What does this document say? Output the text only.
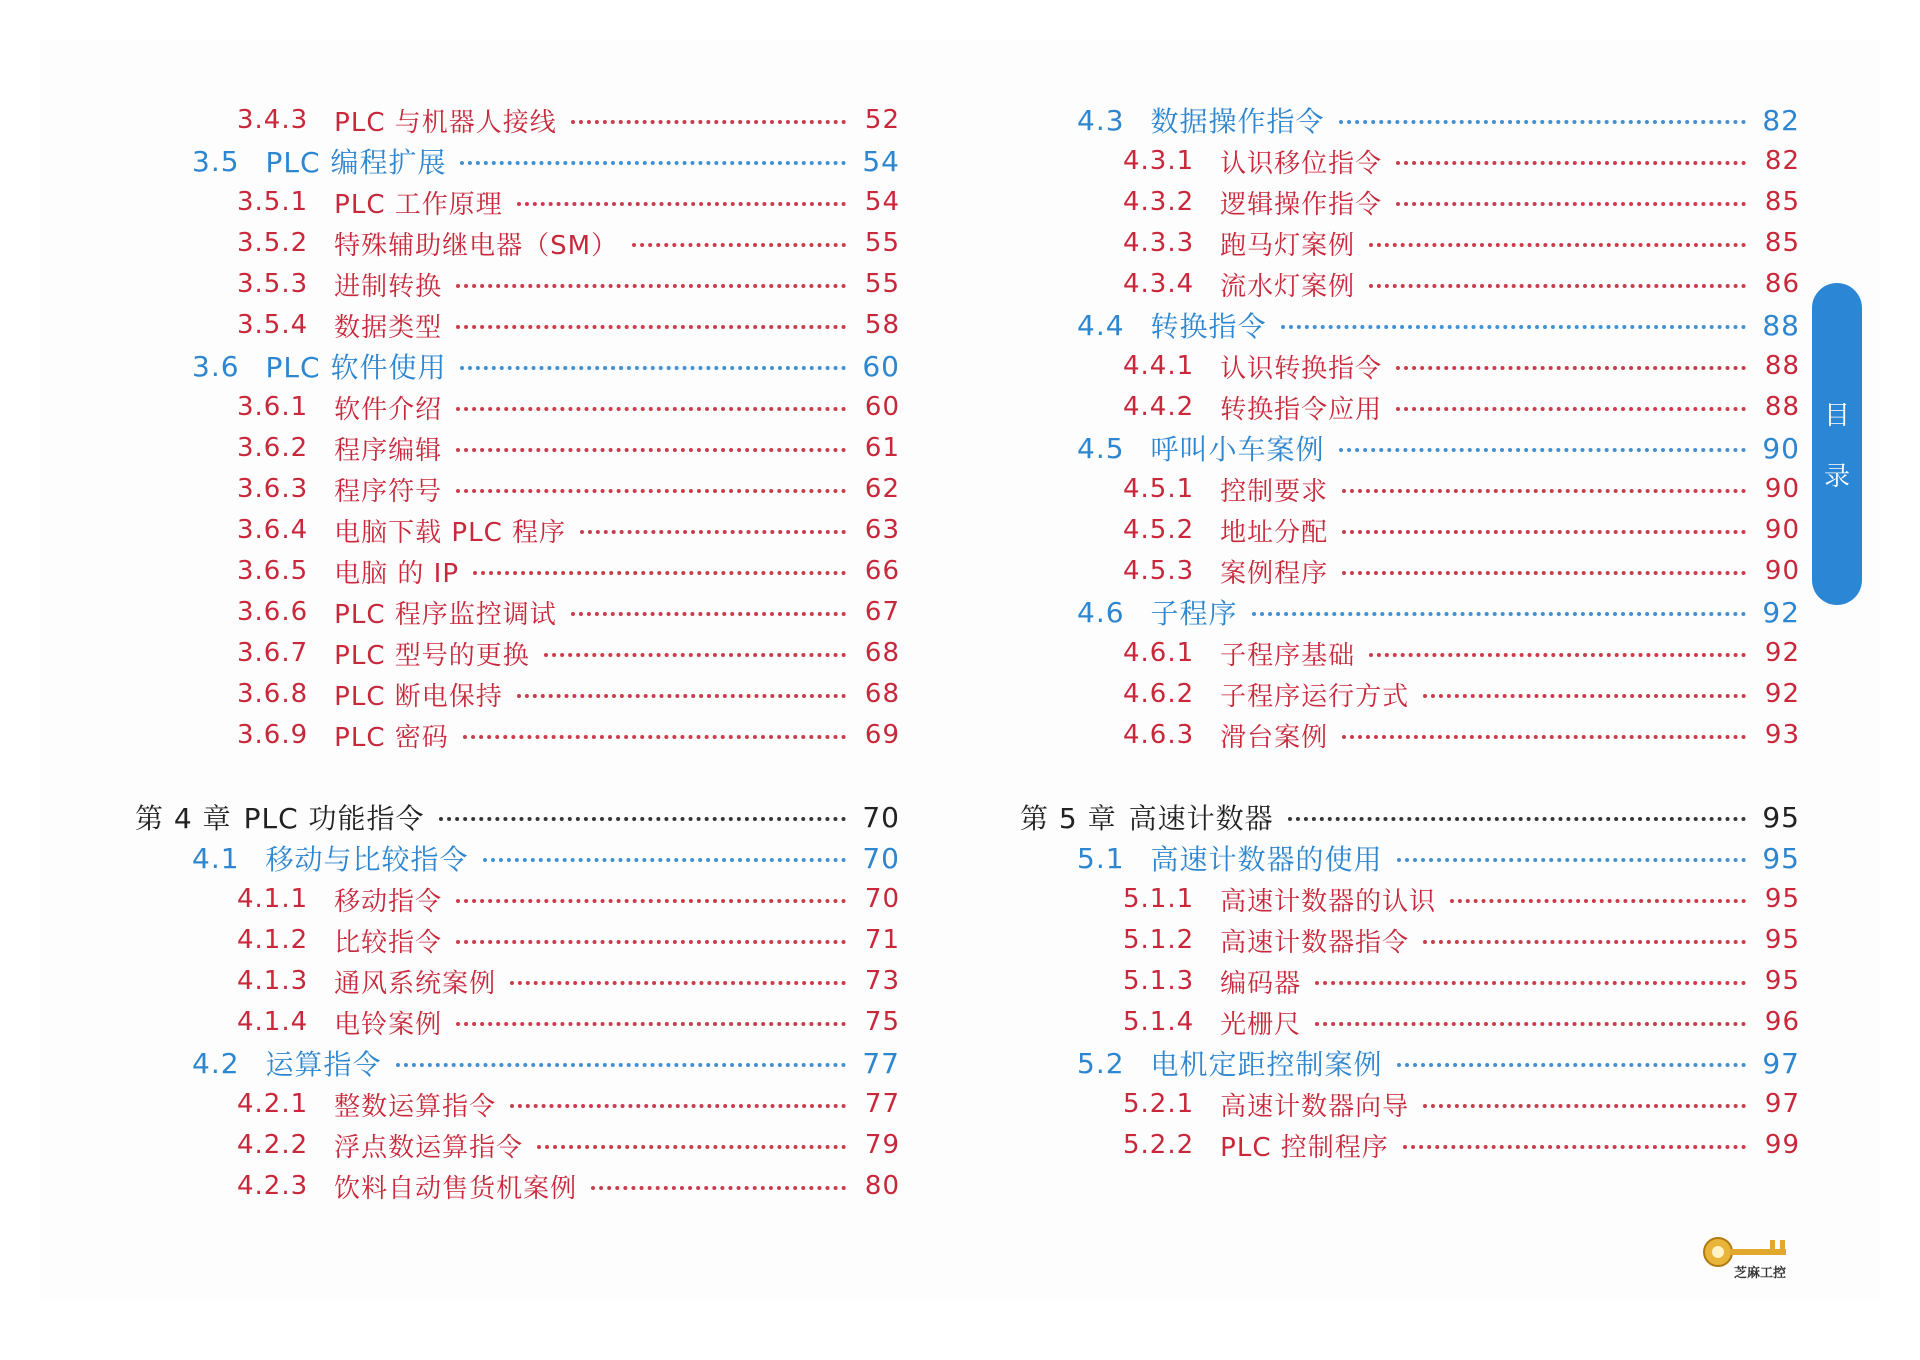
3.4.3 PLC 与机器人接线	52
3.5 PLC 编程扩展	54
3.5.1 PLC 工作原理	54
3.5.2 特殊辅助继电器（SM）	55
3.5.3 进制转换	55
3.5.4 数据类型	58
3.6 PLC 软件使用	60
3.6.1 软件介绍	60
3.6.2 程序编辑	61
3.6.3 程序符号	62
3.6.4 电脑下载 PLC 程序	63
3.6.5 电脑 的 IP	66
3.6.6 PLC 程序监控调试	67
3.6.7 PLC 型号的更换	68
3.6.8 PLC 断电保持	68
3.6.9 PLC 密码	69
第 4 章 PLC 功能指令	70
4.1 移动与比较指令	70
4.1.1 移动指令	70
4.1.2 比较指令	71
4.1.3 通风系统案例	73
4.1.4 电铃案例	75
4.2 运算指令	77
4.2.1 整数运算指令	77
4.2.2 浮点数运算指令	79
4.2.3 饮料自动售货机案例	80
4.3 数据操作指令	82
4.3.1 认识移位指令	82
4.3.2 逻辑操作指令	85
4.3.3 跑马灯案例	85
4.3.4 流水灯案例	86
4.4 转换指令	88
4.4.1 认识转换指令	88
4.4.2 转换指令应用	88
4.5 呼叫小车案例	90
4.5.1 控制要求	90
4.5.2 地址分配	90
4.5.3 案例程序	90
4.6 子程序	92
4.6.1 子程序基础	92
4.6.2 子程序运行方式	92
4.6.3 滑台案例	93
第 5 章 高速计数器	95
5.1 高速计数器的使用	95
5.1.1 高速计数器的认识	95
5.1.2 高速计数器指令	95
5.1.3 编码器	95
5.1.4 光栅尺	96
5.2 电机定距控制案例	97
5.2.1 高速计数器向导	97
5.2.2 PLC 控制程序	99
目
录
芝麻工控
